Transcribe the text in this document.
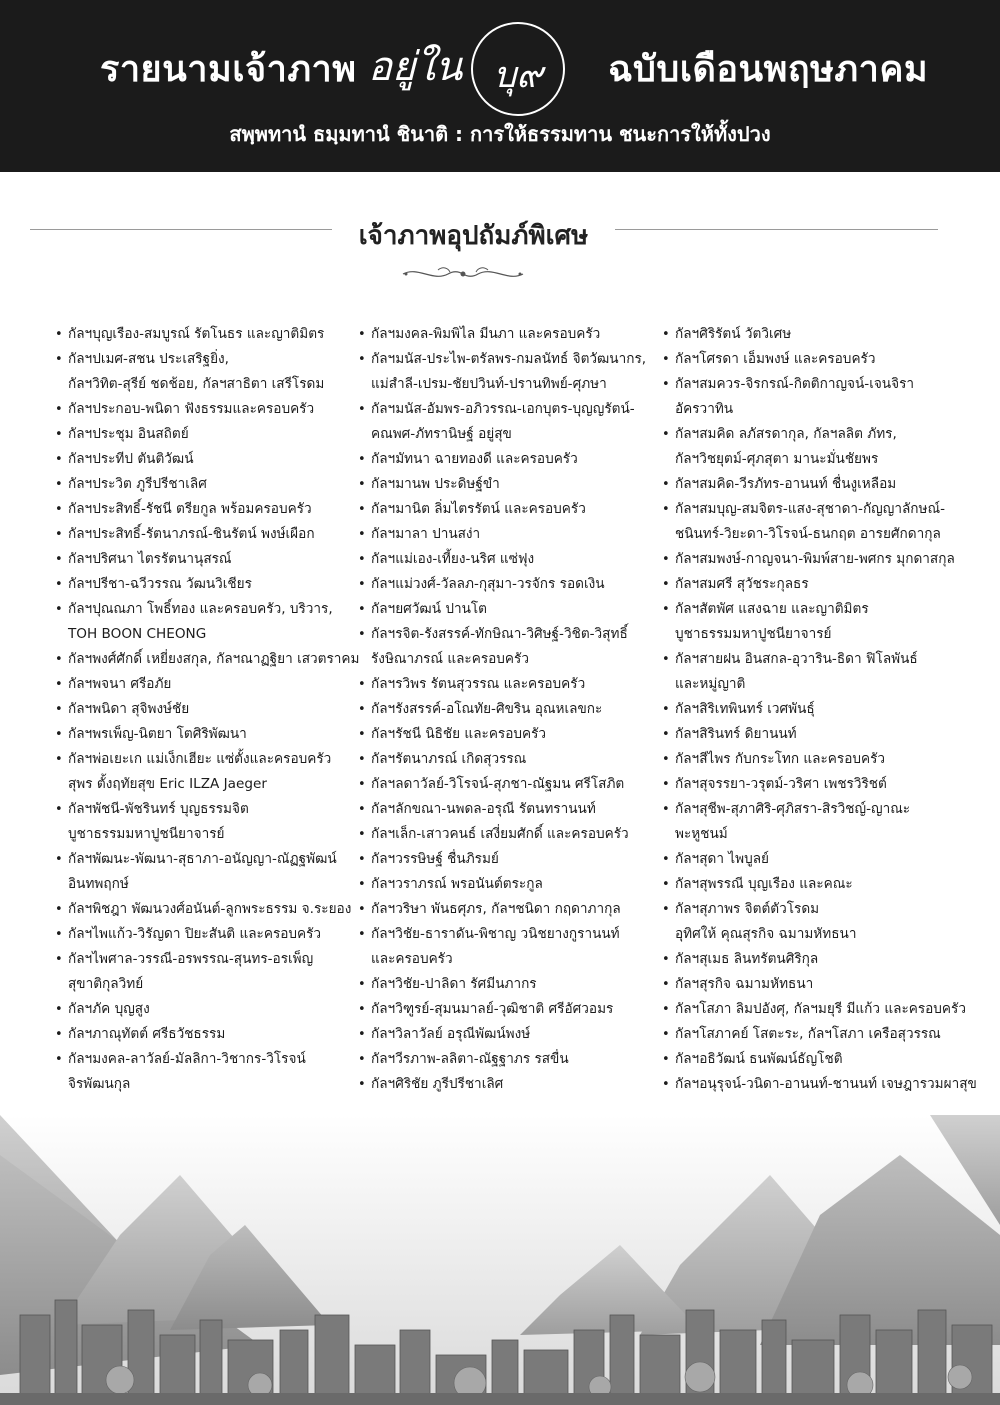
รายนามเจ้าภาพ อยู่ใน บุ๙	ฉบับเดือนพฤษภาคม
สพฺพทานํ ธมฺมทานํ ชินาติ : การให้ธรรมทาน ชนะการให้ทั้งปวง
เจ้าภาพอุปถัมภ์พิเศษ
• กัลฯบุญเรือง-สมบูรณ์ รัตโนธร และญาติมิตร
• กัลฯปเมศ-สชน ประเสริฐยิ่ง,
กัลฯวิทิต-สุรีย์ ชดช้อย, กัลฯสาธิตา เสรีโรดม
• กัลฯประกอบ-พนิดา ฟังธรรมและครอบครัว
• กัลฯประชุม อินสถิตย์
• กัลฯประทีป ตันติวัฒน์
• กัลฯประวิต ภูรีปรีชาเลิศ
• กัลฯประสิทธิ์-รัชนี ตรียกูล พร้อมครอบครัว
• กัลฯประสิทธิ์-รัตนาภรณ์-ชินรัตน์ พงษ์เผือก
• กัลฯปริศนา ไตรรัตนานุสรณ์
• กัลฯปรีชา-ฉวีวรรณ วัฒนวิเชียร
• กัลฯปุณณภา โพธิ์ทอง และครอบครัว, บริวาร,
TOH BOON CHEONG
• กัลฯพงศ์ศักดิ์ เหยี่ยงสกุล, กัลฯณาฏฐิยา เสวตราคม
• กัลฯพจนา ศรีอภัย
• กัลฯพนิดา สุจิพงษ์ชัย
• กัลฯพรเพ็ญ-นิตยา โตศิริพัฒนา
• กัลฯพ่อเยะเก แม่เง็กเฮียะ แซ่ตั้งและครอบครัว
สุพร ตั้งฤทัยสุข Eric ILZA Jaeger
• กัลฯพัชนี-พัชรินทร์ บุญธรรมจิต
บูชาธรรมมหาปูชนียาจารย์
• กัลฯพัฒนะ-พัฒนา-สุธาภา-อนัญญา-ณัฏฐพัฒน์
อินทพฤกษ์
• กัลฯพิชฎา พัฒนวงศ์อนันต์-ลูกพระธรรม จ.ระยอง
• กัลฯไพแก้ว-วิรัญดา ปิยะสันติ และครอบครัว
• กัลฯไพศาล-วรรณี-อรพรรณ-สุนทร-อรเพ็ญ
สุขาติกุลวิทย์
• กัลฯภัค บุญสูง
• กัลฯภาณุทัตต์ ศรีธวัชธรรม
• กัลฯมงคล-ลาวัลย์-มัลลิกา-วิชากร-วิโรจน์
จิรพัฒนกุล
• กัลฯมงคล-พิมพิไล มีนภา และครอบครัว
• กัลฯมนัส-ประไพ-ตรัลพร-กมลนัทธ์ จิตวัฒนากร,
แม่สำลี-เปรม-ชัยปวินท์-ปรานทิพย์-ศุภษา
• กัลฯมนัส-อัมพร-อภิวรรณ-เอกบุตร-บุญญรัตน์-
คณพศ-ภัทรานิษฐ์ อยู่สุข
• กัลฯมัทนา ฉายทองดี และครอบครัว
• กัลฯมานพ ประดิษฐ์ขำ
• กัลฯมานิต ลิ่มไตรรัตน์ และครอบครัว
• กัลฯมาลา ปานสง่า
• กัลฯแม่เอง-เที้ยง-นริศ แซ่ฟุง
• กัลฯแม่วงศ์-วัลลภ-กุสุมา-วรจักร รอดเงิน
• กัลฯยศวัฒน์ ปานโต
• กัลฯรจิต-รังสรรค์-ทักษิณา-วิศิษฐ์-วิชิต-วิสุทธิ์
รังษิณาภรณ์ และครอบครัว
• กัลฯรวิพร รัตนสุวรรณ และครอบครัว
• กัลฯรังสรรค์-อโณทัย-ศิขริน อุณหเลขกะ
• กัลฯรัชนี นิธิชัย และครอบครัว
• กัลฯรัตนาภรณ์ เกิดสุวรรณ
• กัลฯลดาวัลย์-วิโรจน์-สุภชา-ณัฐมน ศรีโสภิต
• กัลฯลักขณา-นพดล-อรุณี รัตนทรานนท์
• กัลฯเล็ก-เสาวคนธ์ เสงี่ยมศักดิ์ และครอบครัว
• กัลฯวรรษิษฐ์ ชื่นภิรมย์
• กัลฯวราภรณ์ พรอนันต์ตระกูล
• กัลฯวริษา พันธศุภร, กัลฯชนิดา กฤดาภากุล
• กัลฯวิชัย-ธาราดัน-พิชาญ วนิชยางกูรานนท์
และครอบครัว
• กัลฯวิชัย-ปาลิดา รัศมีนภากร
• กัลฯวิฑูรย์-สุมนมาลย์-วุฒิชาติ ศรีอัศวอมร
• กัลฯวิลาวัลย์ อรุณีพัฒน์พงษ์
• กัลฯวีรภาพ-ลลิตา-ณัฐฐาภร รสขื่น
• กัลฯศิริชัย ภูรีปรีชาเลิศ
• กัลฯศิริรัตน์ วัตวิเศษ
• กัลฯโศรดา เอ็มพงษ์ และครอบครัว
• กัลฯสมควร-จิรกรณ์-กิตติกาญจน์-เจนจิรา
อัครวาทิน
• กัลฯสมคิด ลภัสรดากุล, กัลฯลลิต ภัทร,
กัลฯวิชยุตม์-ศุภสุตา มานะมั่นชัยพร
• กัลฯสมคิด-วีรภัทร-อานนท์ ชื่นงูเหลือม
• กัลฯสมบุญ-สมจิตร-แสง-สุชาดา-กัญญาลักษณ์-
ชนินทร์-วิยะดา-วิโรจน์-ธนกฤต อารยศักดากุล
• กัลฯสมพงษ์-กาญจนา-พิมพ์สาย-พศกร มุกดาสกุล
• กัลฯสมศรี สุวัชระกุลธร
• กัลฯสัตพัศ แสงฉาย และญาติมิตร
บูชาธรรมมหาปูชนียาจารย์
• กัลฯสายฝน อินสกล-อุวาริน-ธิดา ฟิโลพันธ์
และหมู่ญาติ
• กัลฯสิริเทพินทร์ เวศพันธุ์
• กัลฯสิรินทร์ ดิยานนท์
• กัลฯสีไพร กับกระโทก และครอบครัว
• กัลฯสุจรรยา-วรุตม์-วริศา เพชรวิริชต์
• กัลฯสุชีพ-สุภาศิริ-ศุภิสรา-สิรวิชญ์-ญาณะ
พะหูชนม์
• กัลฯสุดา ไพบูลย์
• กัลฯสุพรรณี บุญเรือง และคณะ
• กัลฯสุภาพร จิตต์ตัวโรดม
อุทิศให้ คุณสุรกิจ ฉมามหัทธนา
• กัลฯสุเมธ ลินทรัตนศิริกุล
• กัลฯสุรกิจ ฉมามหัทธนา
• กัลฯโสภา ลิมปอังศุ, กัลฯมยุรี มีแก้ว และครอบครัว
• กัลฯโสภาคย์ โสตะระ, กัลฯโสภา เครือสุวรรณ
• กัลฯอธิวัฒน์ ธนพัฒน์ธัญโชติ
• กัลฯอนุรุจน์-วนิดา-อานนท์-ชานนท์ เจษฎารวมผาสุข
